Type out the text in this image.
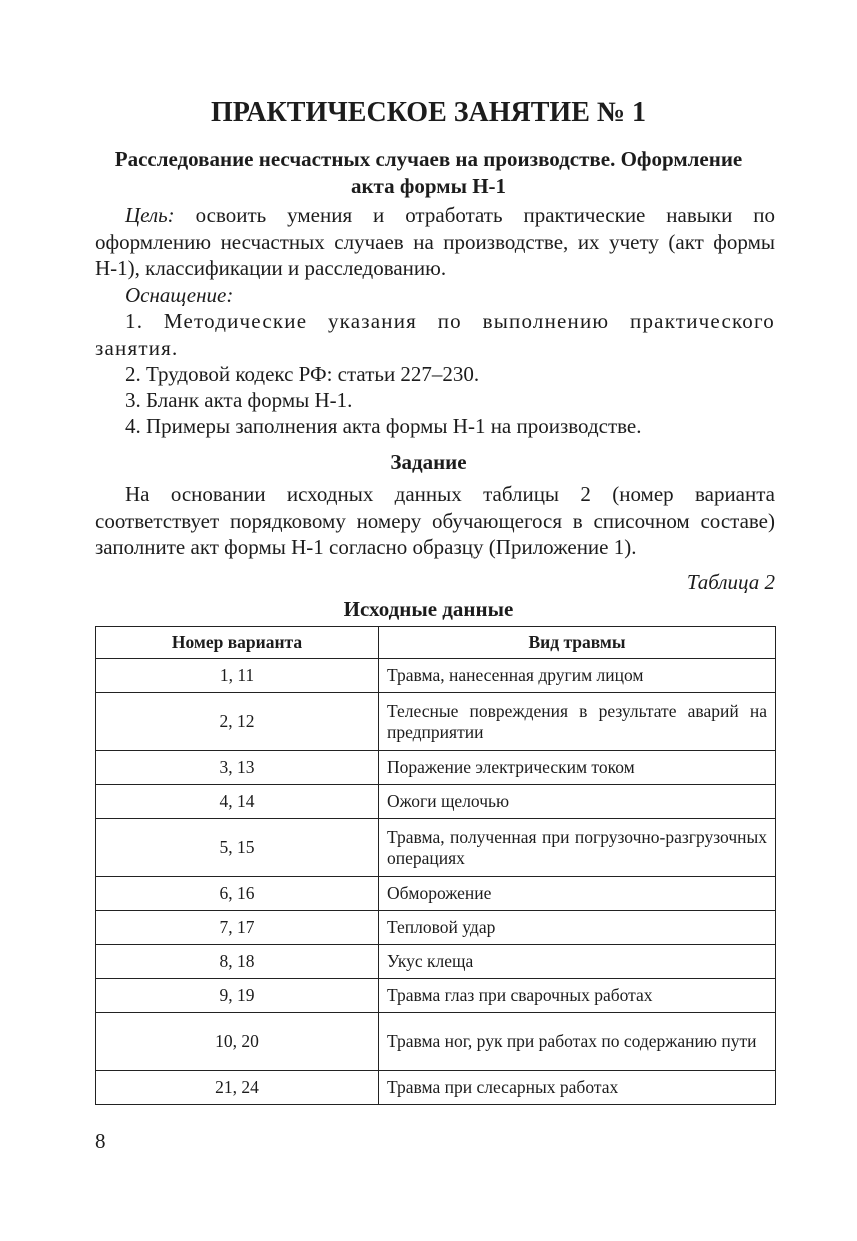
ПРАКТИЧЕСКОЕ ЗАНЯТИЕ № 1
Расследование несчастных случаев на производстве. Оформление
акта формы Н-1

Цель: освоить умения и отработать практические навыки по оформлению несчастных случаев на производстве, их учету (акт формы Н-1), классификации и расследованию.

Оснащение:

1. Методические указания по выполнению практического занятия.

2. Трудовой кодекс РФ: статьи 227–230.

3. Бланк акта формы Н-1.

4. Примеры заполнения акта формы Н-1 на производстве.

Задание

На основании исходных данных таблицы 2 (номер варианта соответствует порядковому номеру обучающегося в списочном составе) заполните акт формы Н-1 согласно образцу (Приложение 1).

Таблица 2

Исходные данные

Номер варианта	Вид травмы
1, 11	Травма, нанесенная другим лицом
2, 12	Телесные повреждения в результате аварий на предприятии
3, 13	Поражение электрическим током
4, 14	Ожоги щелочью
5, 15	Травма, полученная при погрузочно-разгрузочных операциях
6, 16	Обморожение
7, 17	Тепловой удар
8, 18	Укус клеща
9, 19	Травма глаз при сварочных работах
10, 20	Травма ног, рук при работах по содержанию пути
21, 24	Травма при слесарных работах

8
